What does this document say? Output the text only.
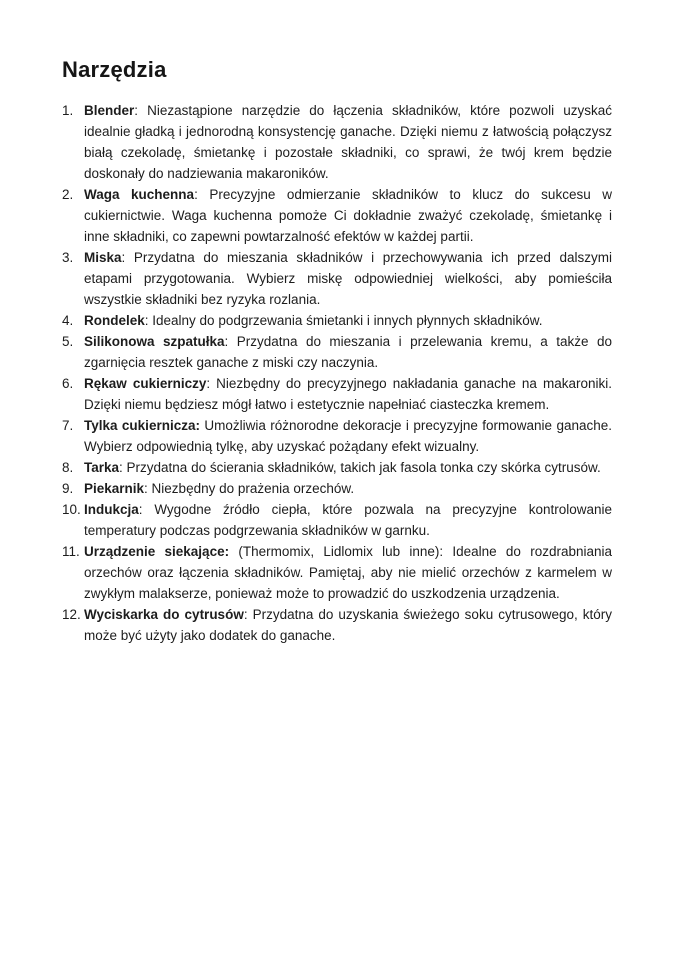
Narzędzia
1. Blender: Niezastąpione narzędzie do łączenia składników, które pozwoli uzyskać idealnie gładką i jednorodną konsystencję ganache. Dzięki niemu z łatwością połączysz białą czekoladę, śmietankę i pozostałe składniki, co sprawi, że twój krem będzie doskonały do nadziewania makaroników.
2. Waga kuchenna: Precyzyjne odmierzanie składników to klucz do sukcesu w cukiernictwie. Waga kuchenna pomoże Ci dokładnie zważyć czekoladę, śmietankę i inne składniki, co zapewni powtarzalność efektów w każdej partii.
3. Miska: Przydatna do mieszania składników i przechowywania ich przed dalszymi etapami przygotowania. Wybierz miskę odpowiedniej wielkości, aby pomieściła wszystkie składniki bez ryzyka rozlania.
4. Rondelek: Idealny do podgrzewania śmietanki i innych płynnych składników.
5. Silikonowa szpatułka: Przydatna do mieszania i przelewania kremu, a także do zgarnięcia resztek ganache z miski czy naczynia.
6. Rękaw cukierniczy: Niezbędny do precyzyjnego nakładania ganache na makaroniki. Dzięki niemu będziesz mógł łatwo i estetycznie napełniać ciasteczka kremem.
7. Tylka cukiernicza: Umożliwia różnorodne dekoracje i precyzyjne formowanie ganache. Wybierz odpowiednią tylkę, aby uzyskać pożądany efekt wizualny.
8. Tarka: Przydatna do ścierania składników, takich jak fasola tonka czy skórka cytrusów.
9. Piekarnik: Niezbędny do prażenia orzechów.
10. Indukcja: Wygodne źródło ciepła, które pozwala na precyzyjne kontrolowanie temperatury podczas podgrzewania składników w garnku.
11. Urządzenie siekające: (Thermomix, Lidlomix lub inne): Idealne do rozdrabniania orzechów oraz łączenia składników. Pamiętaj, aby nie mielić orzechów z karmelem w zwykłym malakserze, ponieważ może to prowadzić do uszkodzenia urządzenia.
12. Wyciskarka do cytrusów: Przydatna do uzyskania świeżego soku cytrusowego, który może być użyty jako dodatek do ganache.
